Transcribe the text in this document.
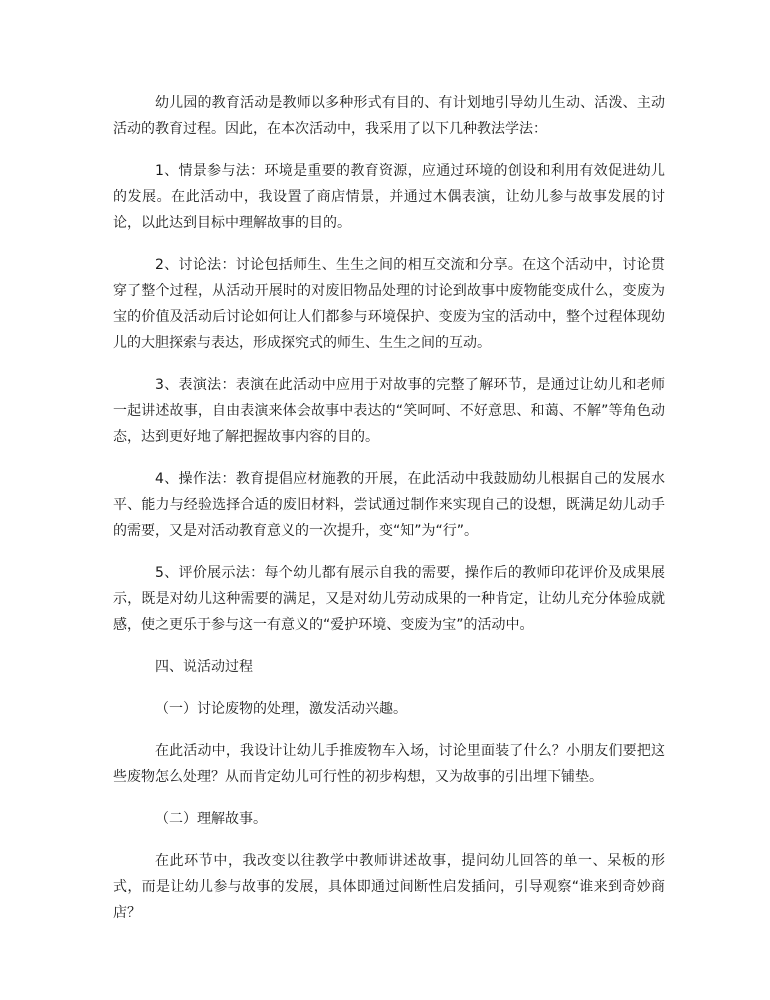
幼儿园的教育活动是教师以多种形式有目的、有计划地引导幼儿生动、活泼、主动活动的教育过程。因此，在本次活动中，我采用了以下几种教法学法：

1、情景参与法：环境是重要的教育资源，应通过环境的创设和利用有效促进幼儿的发展。在此活动中，我设置了商店情景，并通过木偶表演，让幼儿参与故事发展的讨论，以此达到目标中理解故事的目的。

2、讨论法：讨论包括师生、生生之间的相互交流和分享。在这个活动中，讨论贯穿了整个过程，从活动开展时的对废旧物品处理的讨论到故事中废物能变成什么，变废为宝的价值及活动后讨论如何让人们都参与环境保护、变废为宝的活动中，整个过程体现幼儿的大胆探索与表达，形成探究式的师生、生生之间的互动。

3、表演法：表演在此活动中应用于对故事的完整了解环节，是通过让幼儿和老师一起讲述故事，自由表演来体会故事中表达的“笑呵呵、不好意思、和蔼、不解”等角色动态，达到更好地了解把握故事内容的目的。

4、操作法：教育提倡应材施教的开展，在此活动中我鼓励幼儿根据自己的发展水平、能力与经验选择合适的废旧材料，尝试通过制作来实现自己的设想，既满足幼儿动手的需要，又是对活动教育意义的一次提升，变“知”为“行”。

5、评价展示法：每个幼儿都有展示自我的需要，操作后的教师印花评价及成果展示，既是对幼儿这种需要的满足，又是对幼儿劳动成果的一种肯定，让幼儿充分体验成就感，使之更乐于参与这一有意义的“爱护环境、变废为宝”的活动中。

四、说活动过程

（一）讨论废物的处理，激发活动兴趣。

在此活动中，我设计让幼儿手推废物车入场，讨论里面装了什么？小朋友们要把这些废物怎么处理？从而肯定幼儿可行性的初步构想，又为故事的引出埋下铺垫。

（二）理解故事。

在此环节中，我改变以往教学中教师讲述故事，提问幼儿回答的单一、呆板的形式，而是让幼儿参与故事的发展，具体即通过间断性启发插问，引导观察“谁来到奇妙商店？
